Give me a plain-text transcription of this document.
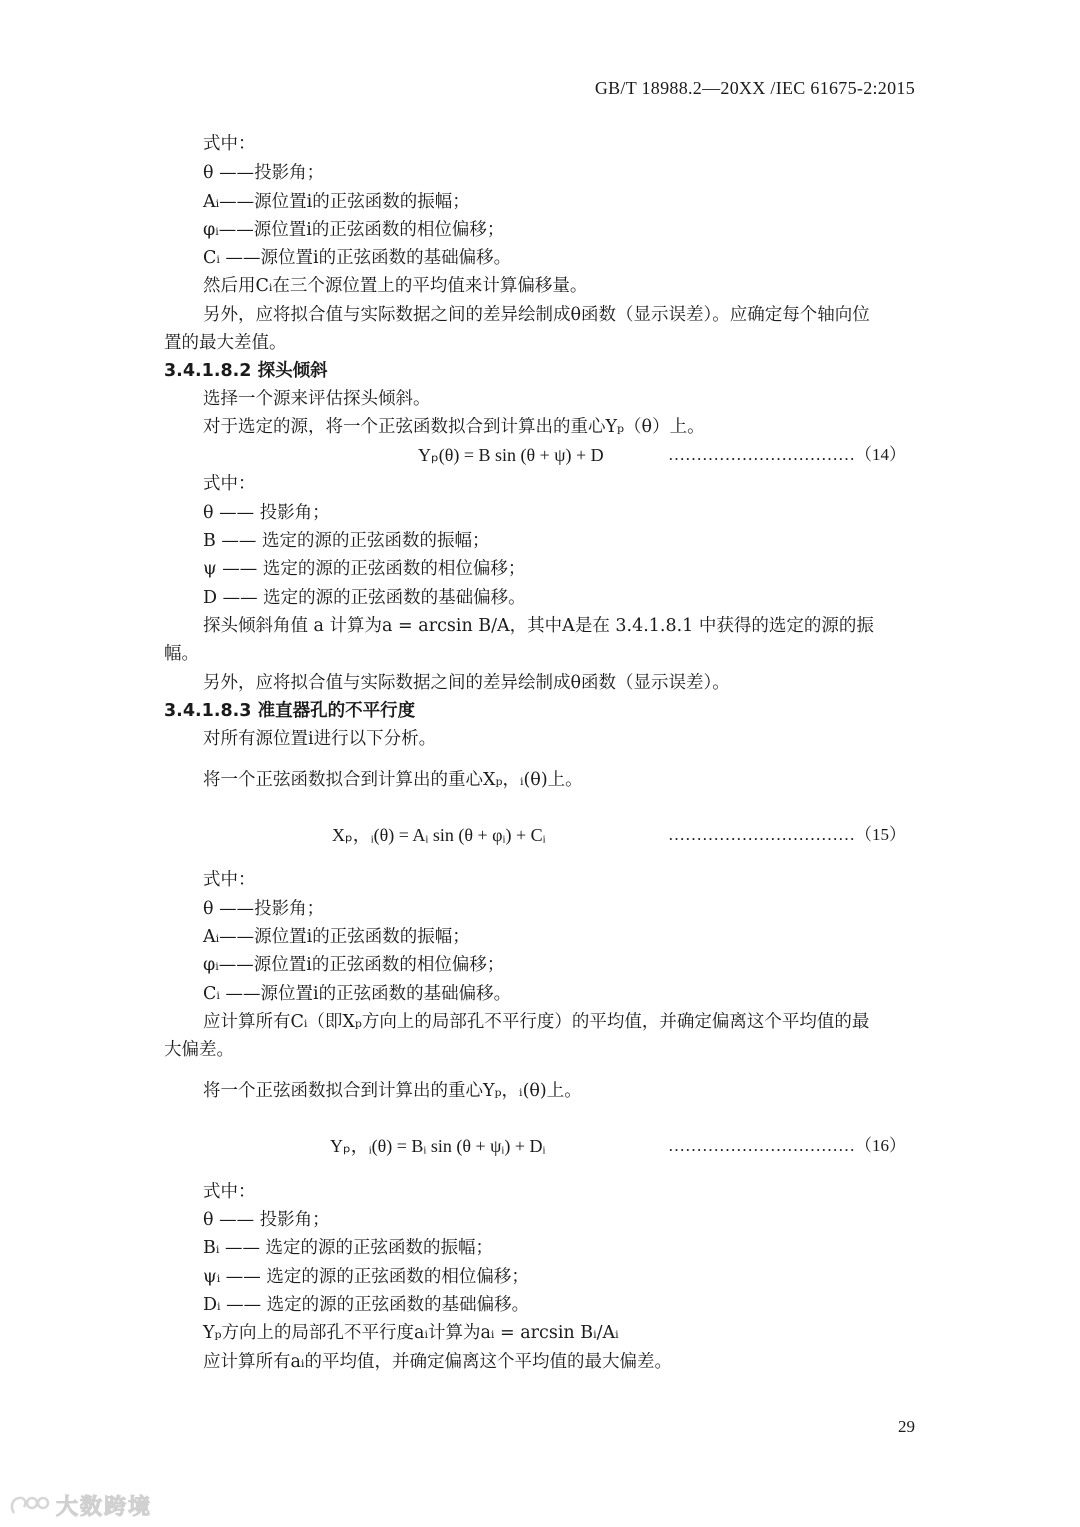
GB/T 18988.2—20XX /IEC 61675-2:2015
式中：
θ ——投影角；
Aᵢ——源位置i的正弦函数的振幅；
φᵢ——源位置i的正弦函数的相位偏移；
Cᵢ ——源位置i的正弦函数的基础偏移。
然后用Cᵢ在三个源位置上的平均值来计算偏移量。
另外，应将拟合值与实际数据之间的差异绘制成θ函数（显示误差）。应确定每个轴向位
置的最大差值。
3.4.1.8.2 探头倾斜
选择一个源来评估探头倾斜。
对于选定的源，将一个正弦函数拟合到计算出的重心Yₚ（θ）上。
Yₚ(θ) = B sin (θ + ψ) + D	……………………………（14）
式中：
θ —— 投影角；
B —— 选定的源的正弦函数的振幅；
ψ —— 选定的源的正弦函数的相位偏移；
D —— 选定的源的正弦函数的基础偏移。
探头倾斜角值 a 计算为a = arcsin B/A，其中A是在 3.4.1.8.1 中获得的选定的源的振
幅。
另外，应将拟合值与实际数据之间的差异绘制成θ函数（显示误差）。
3.4.1.8.3 准直器孔的不平行度
对所有源位置i进行以下分析。
将一个正弦函数拟合到计算出的重心Xₚ，ᵢ(θ)上。
Xₚ，ᵢ(θ) = Aᵢ sin (θ + φᵢ) + Cᵢ	……………………………（15）
式中：
θ ——投影角；
Aᵢ——源位置i的正弦函数的振幅；
φᵢ——源位置i的正弦函数的相位偏移；
Cᵢ ——源位置i的正弦函数的基础偏移。
应计算所有Cᵢ（即Xₚ方向上的局部孔不平行度）的平均值，并确定偏离这个平均值的最
大偏差。
将一个正弦函数拟合到计算出的重心Yₚ，ᵢ(θ)上。
Yₚ，ᵢ(θ) = Bᵢ sin (θ + ψᵢ) + Dᵢ	……………………………（16）
式中：
θ —— 投影角；
Bᵢ —— 选定的源的正弦函数的振幅；
ψᵢ —— 选定的源的正弦函数的相位偏移；
Dᵢ —— 选定的源的正弦函数的基础偏移。
Yₚ方向上的局部孔不平行度aᵢ计算为aᵢ = arcsin Bᵢ/Aᵢ
应计算所有aᵢ的平均值，并确定偏离这个平均值的最大偏差。
29
大数跨境
